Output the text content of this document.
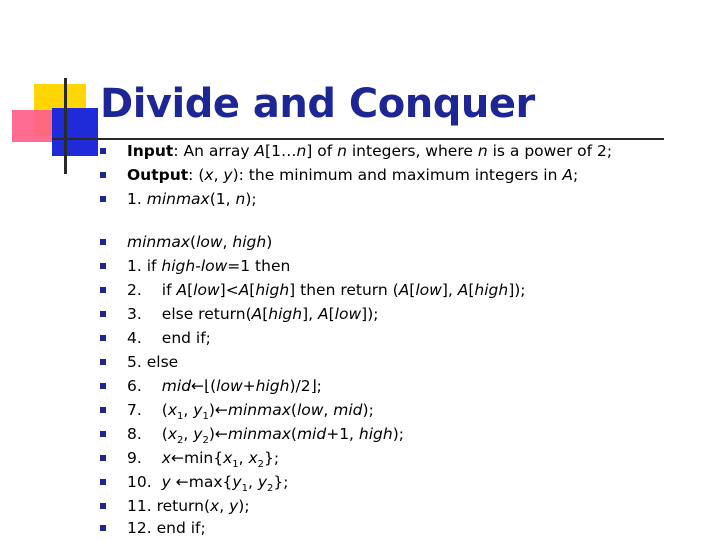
Divide and Conquer
Input: An array A[1…n] of n integers, where n is a power of 2;
Output: (x, y): the minimum and maximum integers in A;
1. minmax(1, n);
minmax(low, high)
1. if high-low=1 then
2. if A[low]<A[high] then return (A[low], A[high]);
3. else return(A[high], A[low]);
4. end if;
5. else
6. mid←⌊(low+high)/2⌋;
7. ($x_1$, $y_1)\leftarrow minmax(low$, mid);
8. ($x_2$, $y_2)\leftarrow minmax(mid+1$, high);
9. $x\leftarrow\min\{x_1$, $x_2$};
10. y $\leftarrow\max\{y_1$, $y_2$};
11. return(x, y);
12. end if;
